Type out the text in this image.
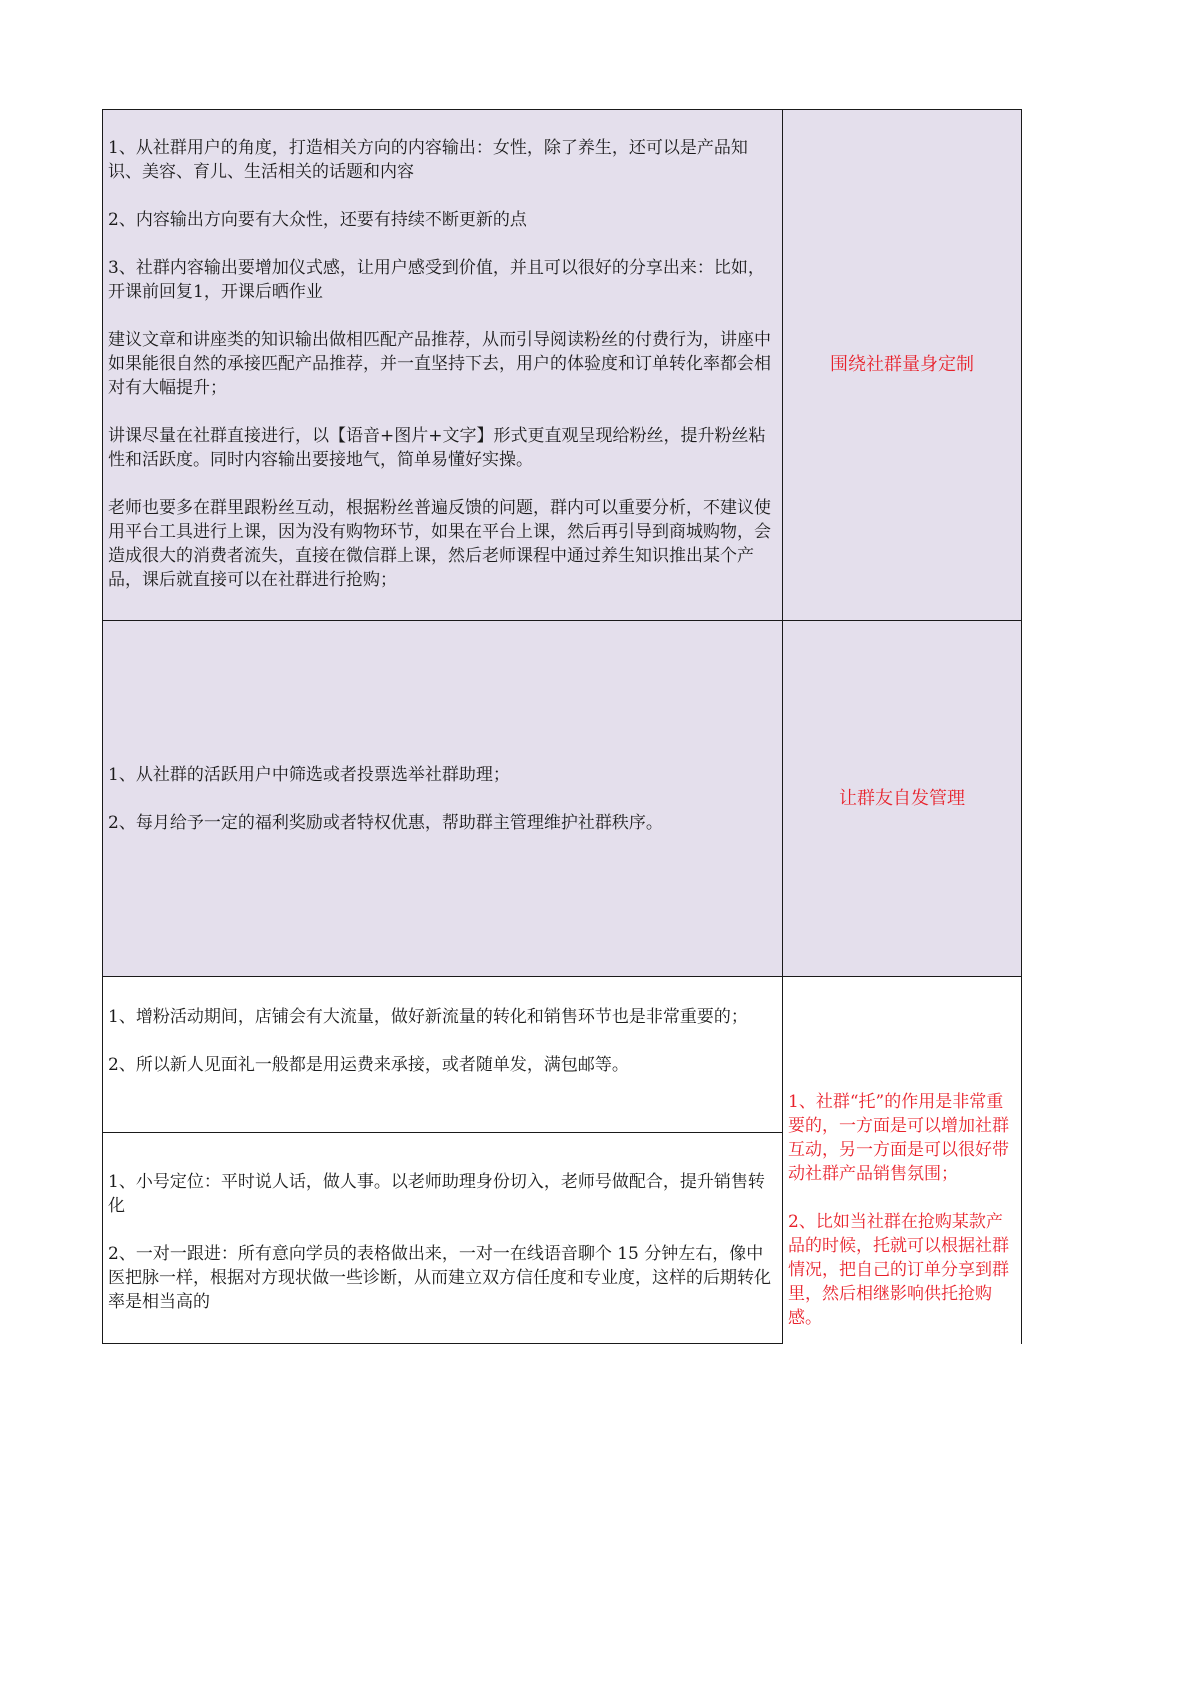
1、从社群用户的角度，打造相关方向的内容输出：女性，除了养生，还可以是产品知识、美容、育儿、生活相关的话题和内容

2、内容输出方向要有大众性，还要有持续不断更新的点

3、社群内容输出要增加仪式感，让用户感受到价值，并且可以很好的分享出来：比如，开课前回复1，开课后晒作业

建议文章和讲座类的知识输出做相匹配产品推荐，从而引导阅读粉丝的付费行为，讲座中如果能很自然的承接匹配产品推荐，并一直坚持下去，用户的体验度和订单转化率都会相对有大幅提升；

讲课尽量在社群直接进行，以【语音+图片+文字】形式更直观呈现给粉丝，提升粉丝粘性和活跃度。同时内容输出要接地气，简单易懂好实操。

老师也要多在群里跟粉丝互动，根据粉丝普遍反馈的问题，群内可以重要分析，不建议使用平台工具进行上课，因为没有购物环节，如果在平台上课，然后再引导到商城购物，会造成很大的消费者流失，直接在微信群上课，然后老师课程中通过养生知识推出某个产品，课后就直接可以在社群进行抢购；

围绕社群量身定制

1、从社群的活跃用户中筛选或者投票选举社群助理；

2、每月给予一定的福利奖励或者特权优惠，帮助群主管理维护社群秩序。

让群友自发管理

1、增粉活动期间，店铺会有大流量，做好新流量的转化和销售环节也是非常重要的；

2、所以新人见面礼一般都是用运费来承接，或者随单发，满包邮等。

1、小号定位：平时说人话，做人事。以老师助理身份切入，老师号做配合，提升销售转化

2、一对一跟进：所有意向学员的表格做出来，一对一在线语音聊个 15 分钟左右，像中医把脉一样，根据对方现状做一些诊断，从而建立双方信任度和专业度，这样的后期转化率是相当高的

1、社群“托”的作用是非常重要的，一方面是可以增加社群互动，另一方面是可以很好带动社群产品销售氛围；

2、比如当社群在抢购某款产品的时候，托就可以根据社群情况，把自己的订单分享到群里，然后相继影响供托抢购感。
